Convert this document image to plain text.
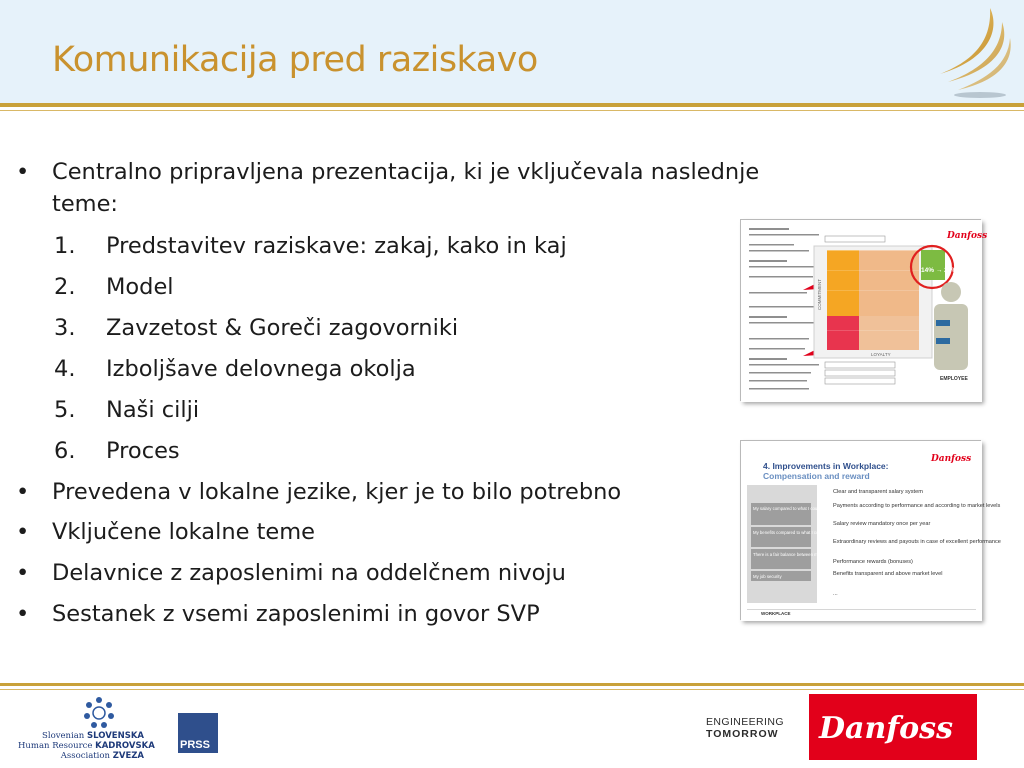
Komunikacija pred raziskavo
• Centralno pripravljena prezentacija, ki je vključevala naslednje
teme:
1. Predstavitev raziskave: zakaj, kako in kaj
2. Model
3. Zavzetost & Goreči zagovorniki
4. Izboljšave delovnega okolja
5. Naši cilji
6. Proces
• Prevedena v lokalne jezike, kjer je to bilo potrebno
• Vključene lokalne teme
• Delavnice z zaposlenimi na oddelčnem nivoju
• Sestanek z vsemi zaposlenimi in govor SVP
COMMITMENT
LOYALTY
14% → 24%
EMPLOYEE
Danfoss
4. Improvements in Workplace:
Compensation and reward
Danfoss
My salary compared to what I could get in a similar position elsewhere
My benefits compared to what I could get in a similar position elsewhere
There is a fair balance between my performance and the rewards I receive
My job security
WORKPLACE
Clear and transparent salary system
Payments according to performance and according to market levels
Salary review mandatory once per year
Extraordinary reviews and payouts in case of excellent performance
Performance rewards (bonuses)
Benefits transparent and above market level
...
Slovenian SLOVENSKA
Human Resource KADROVSKA
Association ZVEZA
PRSS
ENGINEERING
TOMORROW Danfoss
